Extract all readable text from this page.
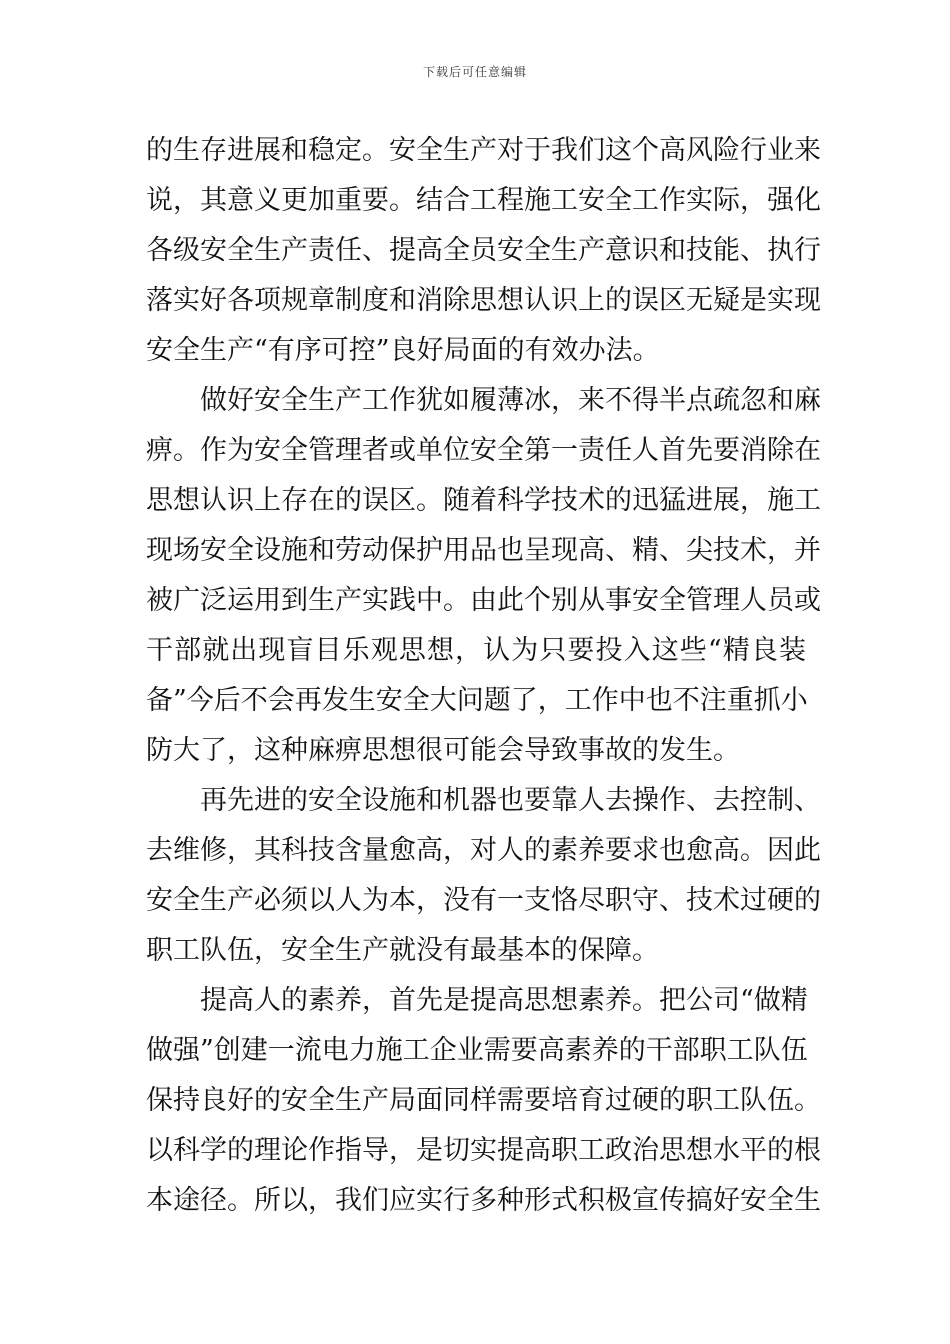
下载后可任意编辑
的生存进展和稳定。安全生产对于我们这个高风险行业来
说，其意义更加重要。结合工程施工安全工作实际，强化
各级安全生产责任、提高全员安全生产意识和技能、执行
落实好各项规章制度和消除思想认识上的误区无疑是实现
安全生产“有序可控”良好局面的有效办法。
做好安全生产工作犹如履薄冰，来不得半点疏忽和麻
痹。作为安全管理者或单位安全第一责任人首先要消除在
思想认识上存在的误区。随着科学技术的迅猛进展，施工
现场安全设施和劳动保护用品也呈现高、精、尖技术，并
被广泛运用到生产实践中。由此个别从事安全管理人员或
干部就出现盲目乐观思想，认为只要投入这些“精良装
备”今后不会再发生安全大问题了，工作中也不注重抓小
防大了，这种麻痹思想很可能会导致事故的发生。
再先进的安全设施和机器也要靠人去操作、去控制、
去维修，其科技含量愈高，对人的素养要求也愈高。因此
安全生产必须以人为本，没有一支恪尽职守、技术过硬的
职工队伍，安全生产就没有最基本的保障。
提高人的素养，首先是提高思想素养。把公司“做精
做强”创建一流电力施工企业需要高素养的干部职工队伍
保持良好的安全生产局面同样需要培育过硬的职工队伍。
以科学的理论作指导，是切实提高职工政治思想水平的根
本途径。所以，我们应实行多种形式积极宣传搞好安全生
